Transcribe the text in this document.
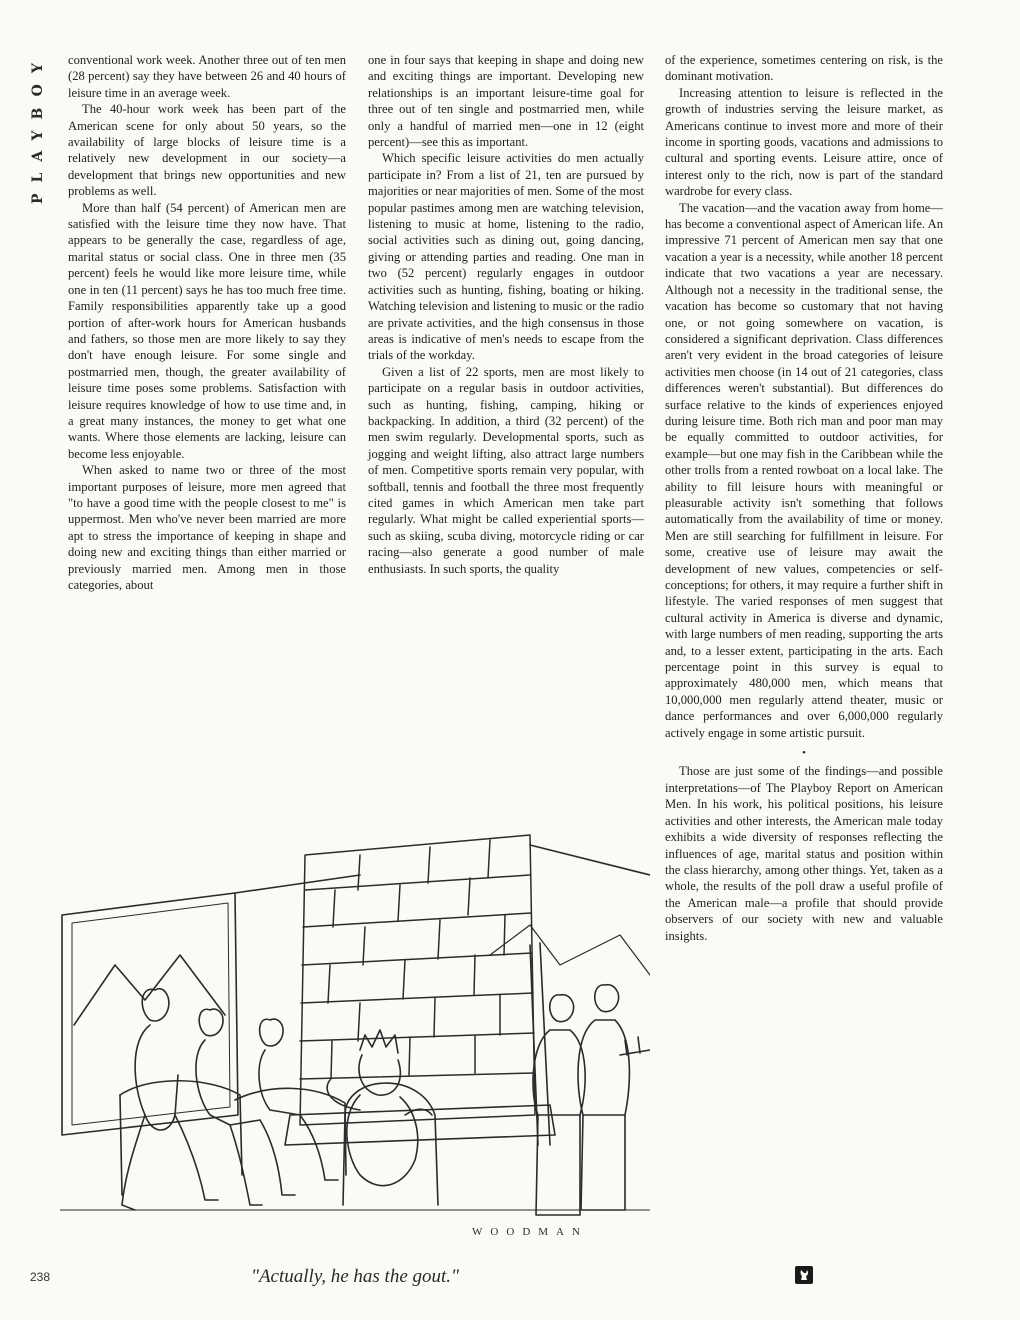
PLAYBOY	conventional work week. Another three out of ten men (28 percent) say they have between 26 and 40 hours of leisure time in an average week.

The 40-hour work week has been part of the American scene for only about 50 years, so the availability of large blocks of leisure time is a relatively new development in our society—a development that brings new opportunities and new problems as well.

More than half (54 percent) of American men are satisfied with the leisure time they now have. That appears to be generally the case, regardless of age, marital status or social class. One in three men (35 percent) feels he would like more leisure time, while one in ten (11 percent) says he has too much free time. Family responsibilities apparently take up a good portion of after-work hours for American husbands and fathers, so those men are more likely to say they don't have enough leisure. For some single and postmarried men, though, the greater availability of leisure time poses some problems. Satisfaction with leisure requires knowledge of how to use time and, in a great many instances, the money to get what one wants. Where those elements are lacking, leisure can become less enjoyable.

When asked to name two or three of the most important purposes of leisure, more men agreed that "to have a good time with the people closest to me" is uppermost. Men who've never been married are more apt to stress the importance of keeping in shape and doing new and exciting things than either married or previously married men. Among men in those categories, about

one in four says that keeping in shape and doing new and exciting things are important. Developing new relationships is an important leisure-time goal for three out of ten single and postmarried men, while only a handful of married men—one in 12 (eight percent)—see this as important.

Which specific leisure activities do men actually participate in? From a list of 21, ten are pursued by majorities or near majorities of men. Some of the most popular pastimes among men are watching television, listening to music at home, listening to the radio, social activities such as dining out, going dancing, giving or attending parties and reading. One man in two (52 percent) regularly engages in outdoor activities such as hunting, fishing, boating or hiking. Watching television and listening to music or the radio are private activities, and the high consensus in those areas is indicative of men's needs to escape from the trials of the workday.

Given a list of 22 sports, men are most likely to participate on a regular basis in outdoor activities, such as hunting, fishing, camping, hiking or backpacking. In addition, a third (32 percent) of the men swim regularly. Developmental sports, such as jogging and weight lifting, also attract large numbers of men. Competitive sports remain very popular, with softball, tennis and football the three most frequently cited games in which American men take part regularly. What might be called experiential sports—such as skiing, scuba diving, motorcycle riding or car racing—also generate a good number of male enthusiasts. In such sports, the quality

of the experience, sometimes centering on risk, is the dominant motivation.

Increasing attention to leisure is reflected in the growth of industries serving the leisure market, as Americans continue to invest more and more of their income in sporting goods, vacations and admissions to cultural and sporting events. Leisure attire, once of interest only to the rich, now is part of the standard wardrobe for every class.

The vacation—and the vacation away from home—has become a conventional aspect of American life. An impressive 71 percent of American men say that one vacation a year is a necessity, while another 18 percent indicate that two vacations a year are necessary. Although not a necessity in the traditional sense, the vacation has become so customary that not having one, or not going somewhere on vacation, is considered a significant deprivation. Class differences aren't very evident in the broad categories of leisure activities men choose (in 14 out of 21 categories, class differences weren't substantial). But differences do surface relative to the kinds of experiences enjoyed during leisure time. Both rich man and poor man may be equally committed to outdoor activities, for example—but one may fish in the Caribbean while the other trolls from a rented rowboat on a local lake. The ability to fill leisure hours with meaningful or pleasurable activity isn't something that follows automatically from the availability of time or money. Men are still searching for fulfillment in leisure. For some, creative use of leisure may await the development of new values, competencies or self-conceptions; for others, it may require a further shift in lifestyle. The varied responses of men suggest that cultural activity in America is diverse and dynamic, with large numbers of men reading, supporting the arts and, to a lesser extent, participating in the arts. Each percentage point in this survey is equal to approximately 480,000 men, which means that 10,000,000 men regularly attend theater, music or dance performances and over 6,000,000 regularly actively engage in some artistic pursuit.

•

Those are just some of the findings—and possible interpretations—of The Playboy Report on American Men. In his work, his political positions, his leisure activities and other interests, the American male today exhibits a wide diversity of responses reflecting the influences of age, marital status and position within the class hierarchy, among other things. Yet, taken as a whole, the results of the poll draw a useful profile of the American male—a profile that should provide observers of our society with new and valuable insights.

WOODMAN
"Actually, he has the gout."
238
